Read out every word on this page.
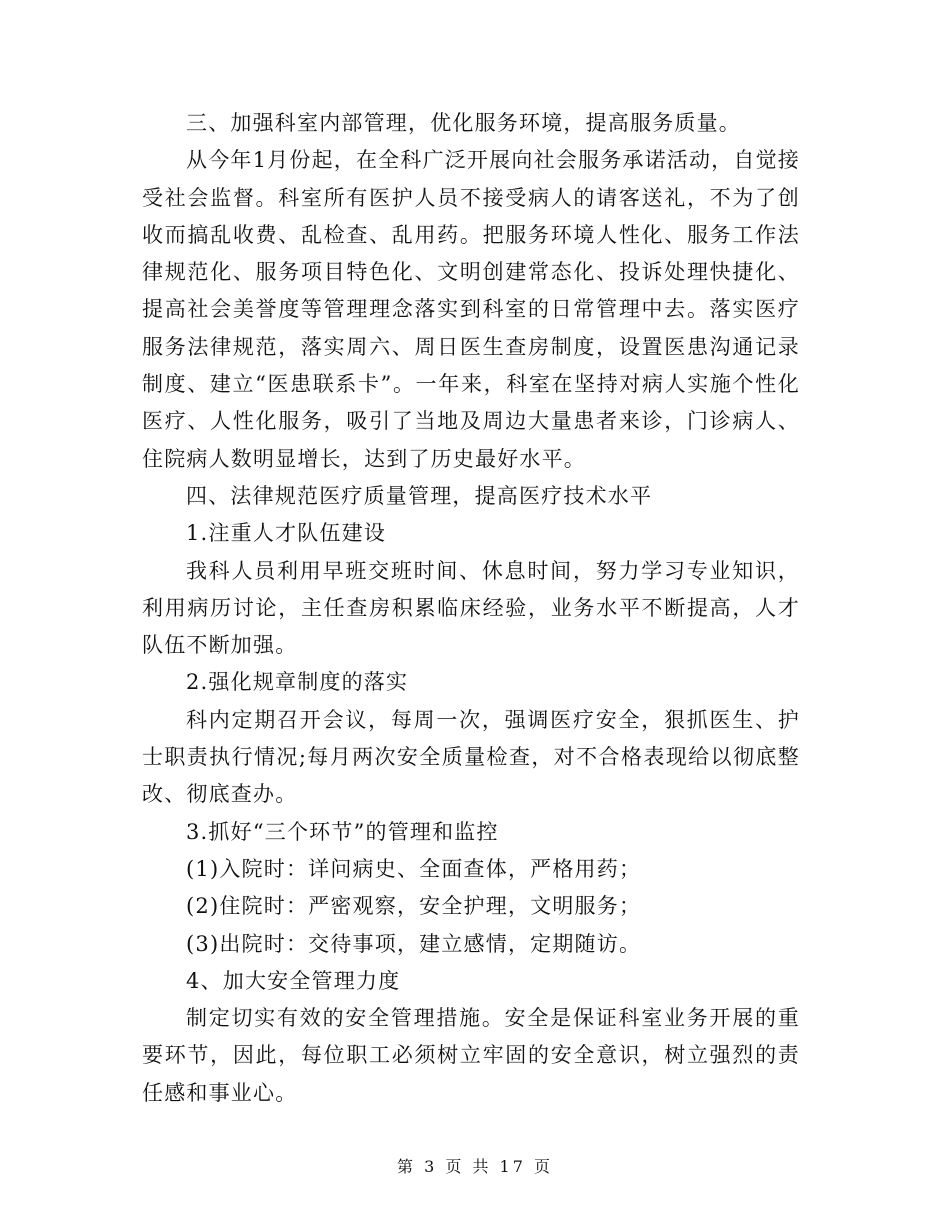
三、加强科室内部管理，优化服务环境，提高服务质量。

从今年1月份起，在全科广泛开展向社会服务承诺活动，自觉接受社会监督。科室所有医护人员不接受病人的请客送礼，不为了创收而搞乱收费、乱检查、乱用药。把服务环境人性化、服务工作法律规范化、服务项目特色化、文明创建常态化、投诉处理快捷化、提高社会美誉度等管理理念落实到科室的日常管理中去。落实医疗服务法律规范，落实周六、周日医生查房制度，设置医患沟通记录制度、建立“医患联系卡”。一年来，科室在坚持对病人实施个性化医疗、人性化服务，吸引了当地及周边大量患者来诊，门诊病人、住院病人数明显增长，达到了历史最好水平。

四、法律规范医疗质量管理，提高医疗技术水平

1.注重人才队伍建设

我科人员利用早班交班时间、休息时间，努力学习专业知识，利用病历讨论，主任查房积累临床经验，业务水平不断提高，人才队伍不断加强。

2.强化规章制度的落实

科内定期召开会议，每周一次，强调医疗安全，狠抓医生、护士职责执行情况;每月两次安全质量检查，对不合格表现给以彻底整改、彻底查办。

3.抓好“三个环节”的管理和监控

(1)入院时：详问病史、全面查体，严格用药；

(2)住院时：严密观察，安全护理，文明服务；

(3)出院时：交待事项，建立感情，定期随访。

4、加大安全管理力度

制定切实有效的安全管理措施。安全是保证科室业务开展的重要环节，因此，每位职工必须树立牢固的安全意识，树立强烈的责任感和事业心。

第 3 页 共 17 页
